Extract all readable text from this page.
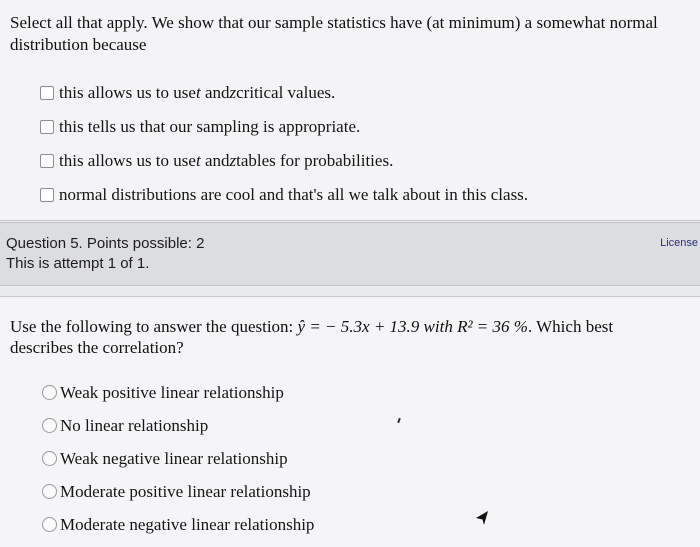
Select all that apply. We show that our sample statistics have (at minimum) a somewhat normal distribution because
this allows us to use t
and z critical values.
this tells us that our sampling is appropriate.
this allows us to use t
and z tables for probabilities.
normal distributions are cool and that's all we talk about in this class.
Question 5. Points possible: 2
This is attempt 1 of 1.
License
Use the following to answer the question: ŷ = − 5.3x + 13.9 with R² = 36 %. Which best
describes the correlation?
Weak positive linear relationship
No linear relationship
Weak negative linear relationship
Moderate positive linear relationship
Moderate negative linear relationship
